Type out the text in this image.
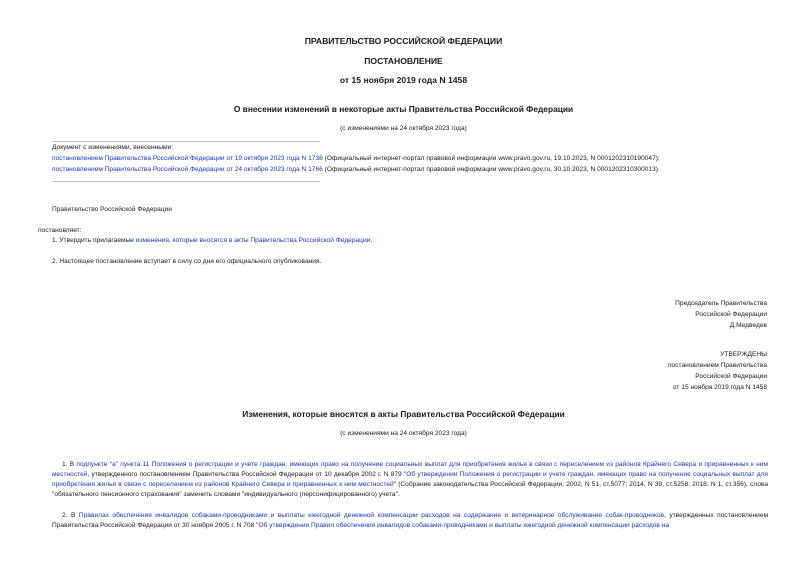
ПРАВИТЕЛЬСТВО РОССИЙСКОЙ ФЕДЕРАЦИИ
ПОСТАНОВЛЕНИЕ
от 15 ноября 2019 года N 1458
О внесении изменений в некоторые акты Правительства Российской Федерации
(с изменениями на 24 октября 2023 года)
Документ с изменениями, внесенными:
постановлением Правительства Российской Федерации от 19 октября 2023 года N 1738 (Официальный интернет-портал правовой информации www.pravo.gov.ru, 19.10.2023, N 0001202310190047);
постановлением Правительства Российской Федерации от 24 октября 2023 года N 1766 (Официальный интернет-портал правовой информации www.pravo.gov.ru, 30.10.2023, N 0001202310300013).
Правительство Российской Федерации
постановляет:
1. Утвердить прилагаемые изменения, которые вносятся в акты Правительства Российской Федерации.
2. Настоящее постановление вступает в силу со дня его официального опубликования.
Председатель Правительства
Российской Федерации
Д.Медведев
УТВЕРЖДЕНЫ
постановлением Правительства
Российской Федерации
от 15 ноября 2019 года N 1458
Изменения, которые вносятся в акты Правительства Российской Федерации
(с изменениями на 24 октября 2023 года)
1. В подпункте "а" пункта 11 Положения о регистрации и учете граждан, имеющих право на получение социальных выплат для приобретения жилья в связи с переселением из районов Крайнего Севера и приравненных к ним местностей, утвержденного постановлением Правительства Российской Федерации от 10 декабря 2002 г. N 879 "Об утверждении Положения о регистрации и учете граждан, имеющих право на получение социальных выплат для приобретения жилья в связи с переселением из районов Крайнего Севера и приравненных к ним местностей" (Собрание законодательства Российской Федерации, 2002, N 51, ст.5077; 2014, N 39, ст.5258; 2018, N 1, ст.356), слова "обязательного пенсионного страхования" заменить словами "индивидуального (персонифицированного) учета".
2. В Правилах обеспечения инвалидов собаками-проводниками и выплаты ежегодной денежной компенсации расходов на содержание и ветеринарное обслуживание собак-проводников, утвержденных постановлением Правительства Российской Федерации от 30 ноября 2005 г. N 708 "Об утверждении Правил обеспечения инвалидов собаками-проводниками и выплаты ежегодной денежной компенсации расходов на
